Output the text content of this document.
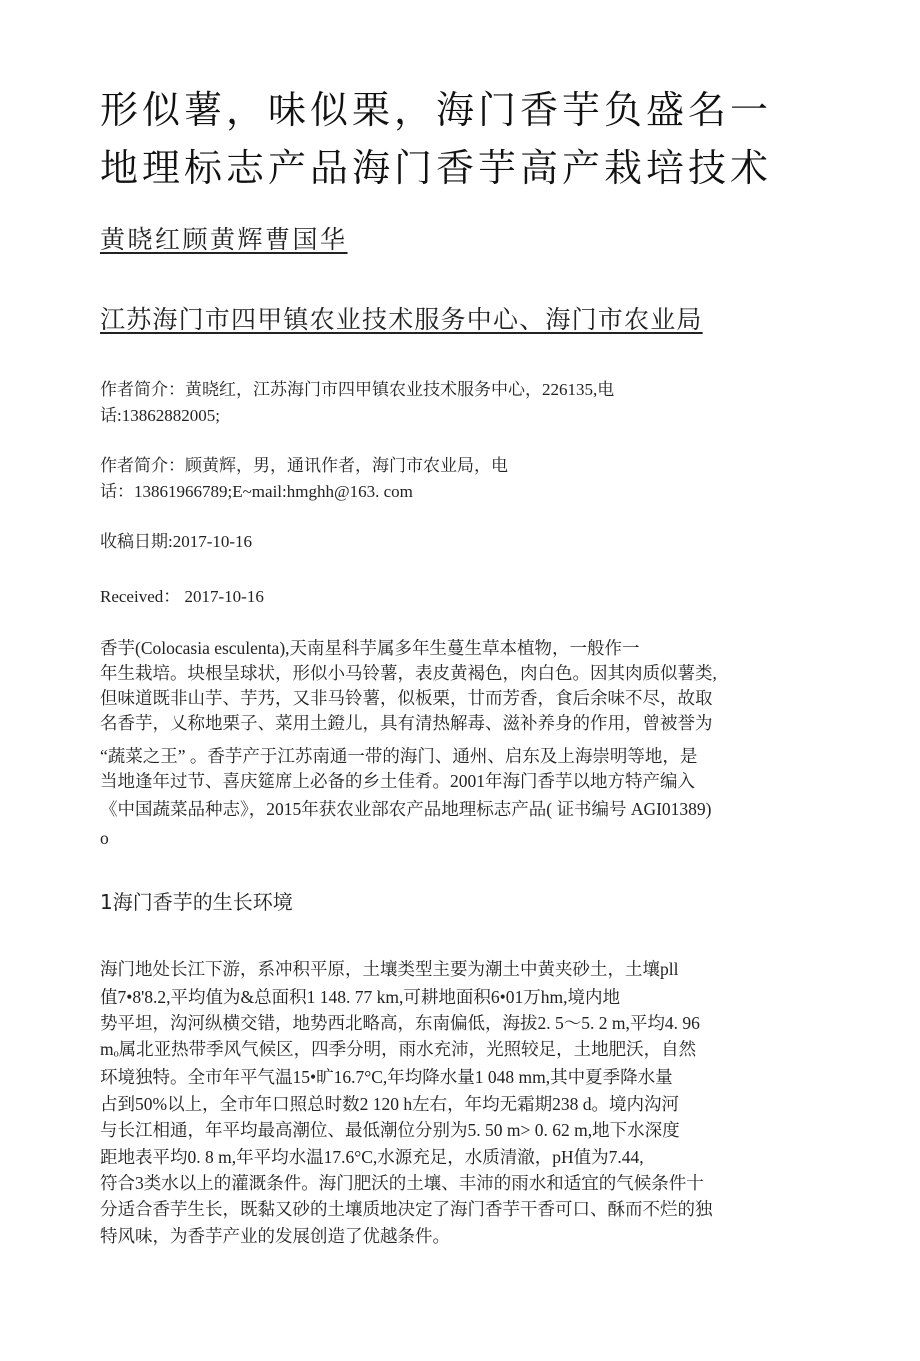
形似薯，味似栗，海门香芋负盛名一
地理标志产品海门香芋高产栽培技术
黄晓红顾黄辉曹国华
江苏海门市四甲镇农业技术服务中心、海门市农业局
作者简介：黄晓红，江苏海门市四甲镇农业技术服务中心，226135,电
话:13862882005;
作者简介：顾黄辉，男，通讯作者，海门市农业局，电
话：13861966789;E~mail:hmghh@163. com
收稿日期:2017-10-16
Received： 2017-10-16
香芋(Colocasia esculenta),天南星科芋属多年生蔓生草本植物，一般作一
年生栽培。块根呈球状，形似小马铃薯，表皮黄褐色，肉白色。因其肉质似薯类,
但味道既非山芋、芋艿，又非马铃薯，似板栗，廿而芳香，食后余味不尽，故取
名香芋，乂称地栗子、菜用土鐙儿，具有清热解毒、滋补养身的作用，曾被誉为
“蔬菜之王” 。香芋产于江苏南通一带的海门、通州、启东及上海崇明等地，是
当地逢年过节、喜庆筵席上必备的乡土佳肴。2001年海门香芋以地方特产编入
《中国蔬菜品种志》，2015年获农业部农产品地理标志产品( 证书编号 AGI01389)
o
1海门香芋的生长环境
海门地处长江下游，系冲积平原，土壤类型主要为潮土中黄夹砂土，土壤pll
值7•8'8.2,平均值为&总面积1 148. 77 km,可耕地面积6•01万hm,境内地
势平坦，沟河纵横交错，地势西北略高，东南偏低，海拔2. 5～5. 2 m,平均4. 96
mₒ属北亚热带季风气候区，四季分明，雨水充沛，光照较足，土地肥沃，自然
环境独特。全市年平气温15•旷16.7°C,年均降水量1 048 mm,其中夏季降水量
占到50%以上，全市年口照总时数2 120 h左右，年均无霜期238 d。境内沟河
与长江相通，年平均最高潮位、最低潮位分别为5. 50 m> 0. 62 m,地下水深度
距地表平均0. 8 m,年平均水温17.6°C,水源充足，水质清澈，pH值为7.44,
符合3类水以上的灌溉条件。海门肥沃的土壤、丰沛的雨水和适宜的气候条件十
分适合香芋生长，既黏又砂的土壤质地决定了海门香芋干香可口、酥而不烂的独
特风味，为香芋产业的发展创造了优越条件。
